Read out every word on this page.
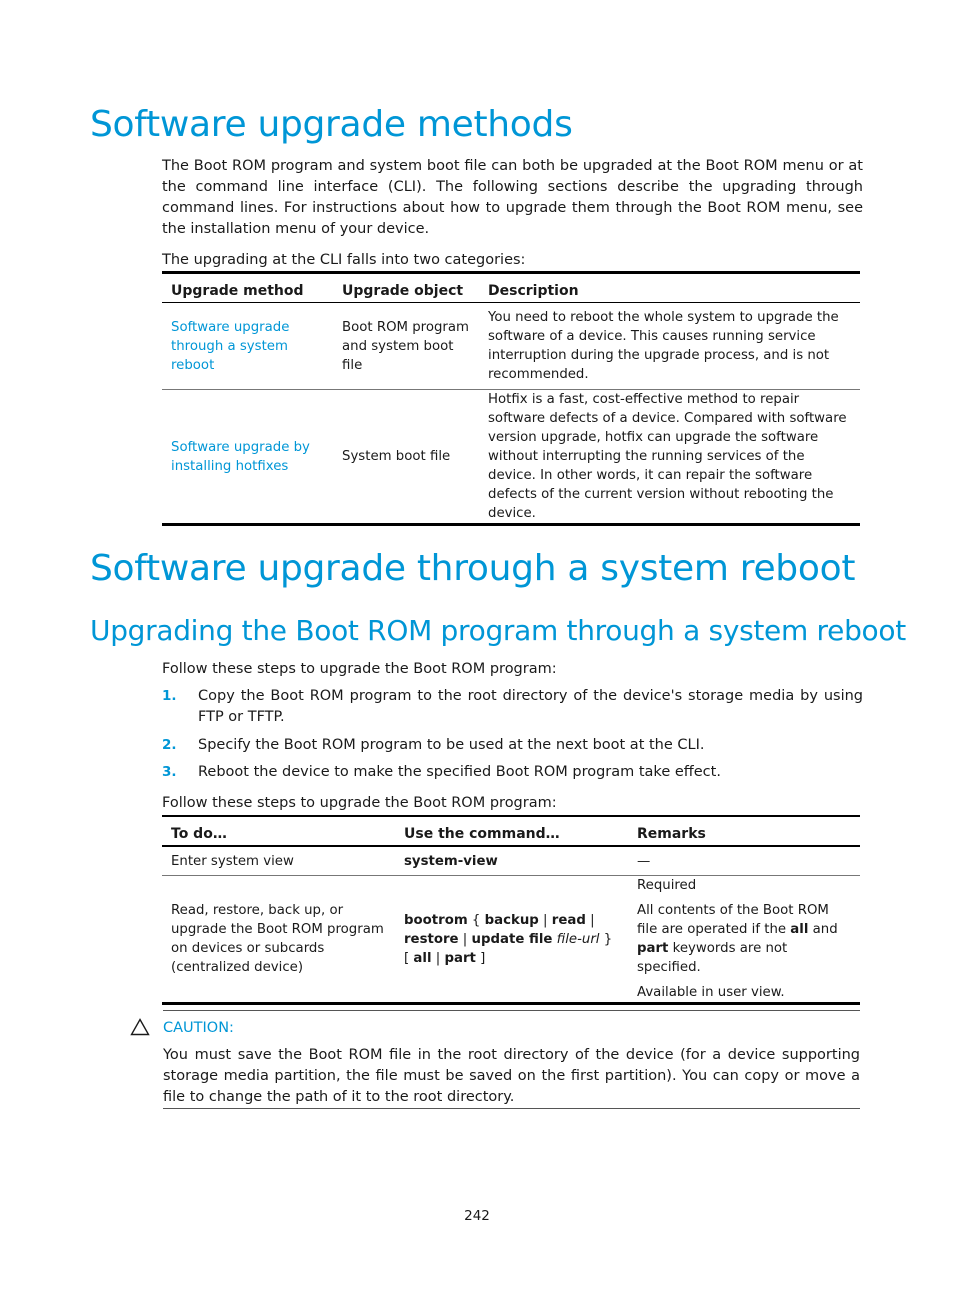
Software upgrade methods
The Boot ROM program and system boot file can both be upgraded at the Boot ROM menu or at the command line interface (CLI). The following sections describe the upgrading through command lines. For instructions about how to upgrade them through the Boot ROM menu, see the installation menu of your device.
The upgrading at the CLI falls into two categories:
Upgrade method	Upgrade object	Description
Software upgrade through a system reboot	Boot ROM program and system boot file	You need to reboot the whole system to upgrade the software of a device. This causes running service interruption during the upgrade process, and is not recommended.
Software upgrade by installing hotfixes	System boot file	Hotfix is a fast, cost-effective method to repair software defects of a device. Compared with software version upgrade, hotfix can upgrade the software without interrupting the running services of the device. In other words, it can repair the software defects of the current version without rebooting the device.
Software upgrade through a system reboot
Upgrading the Boot ROM program through a system reboot
Follow these steps to upgrade the Boot ROM program:
1. Copy the Boot ROM program to the root directory of the device's storage media by using FTP or TFTP.
2. Specify the Boot ROM program to be used at the next boot at the CLI.
3. Reboot the device to make the specified Boot ROM program take effect.
Follow these steps to upgrade the Boot ROM program:
To do…	Use the command…	Remarks
Enter system view	system-view	—
Read, restore, back up, or upgrade the Boot ROM program on devices or subcards (centralized device)	bootrom { backup | read | restore | update file file-url } [ all | part ]	Required

All contents of the Boot ROM file are operated if the all and part keywords are not specified.

Available in user view.

CAUTION:
You must save the Boot ROM file in the root directory of the device (for a device supporting storage media partition, the file must be saved on the first partition). You can copy or move a file to change the path of it to the root directory.
242
